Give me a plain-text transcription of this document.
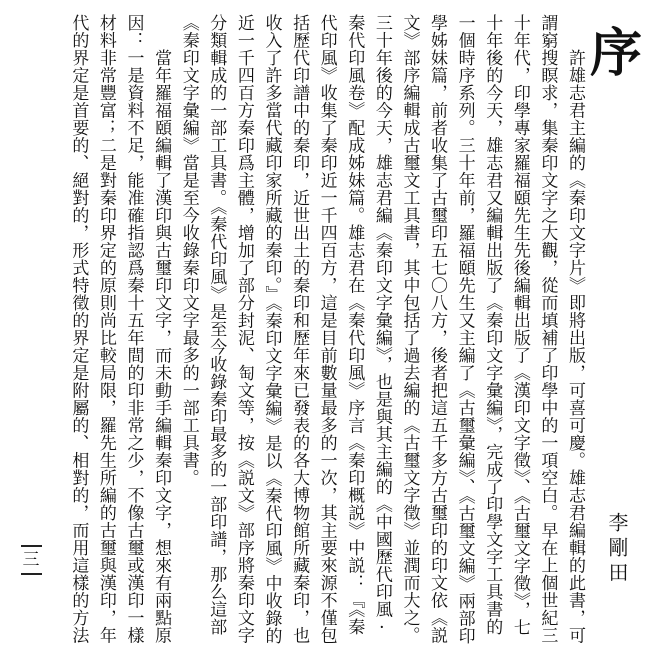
序
李剛田

許雄志君主編的《秦印文字片》即將出版，可喜可慶。雄志君編輯的此書，可謂窮搜瞑求，集秦印文字之大觀，從而填補了印學中的一項空白。早在上個世紀三十年代，印學專家羅福頤先生先後編輯出版了《漢印文字徵》、《古璽文字徵》，七十年後的今天，雄志君又編輯出版了《秦印文字彙編》，完成了印學文字工具書的一個時序系列。三十年前，羅福頤先生又主編了《古璽彙編》、《古璽文編》兩部印學姊妹篇，前者收集了古璽印五七〇八方，後者把這五千多方古璽印的印文依《説文》部序編輯成古璽文工具書，其中包括了過去編的《古璽文字徵》並潤而大之。三十年後的今天，雄志君編《秦印文字彙編》，也是與其主編的《中國歷代印風·秦代印風卷》配成姊妹篇。雄志君在《秦代印風》序言《秦印概説》中説：『《秦代印風》收集了秦印近一千四百方，這是目前數量最多的一次，其主要來源不僅包括歷代印譜中的秦印，近世出土的秦印和歷年來已發表的各大博物館所藏秦印，也收入了許多當代藏印家所藏的秦印。』《秦印文字彙編》是以《秦代印風》中收錄的近一千四百方秦印爲主體，增加了部分封泥、匋文等，按《説文》部序將秦印文字分類輯成的一部工具書。《秦代印風》是至今收錄秦印最多的一部印譜，那么這部《秦印文字彙編》當是至今收錄秦印文字最多的一部工具書。

當年羅福頤編輯了漢印與古璽印文字，而未動手編輯秦印文字，想來有兩點原因：一是資料不足，能准確指認爲秦十五年間的印非常之少，不像古璽或漢印一樣材料非常豐富；二是對秦印界定的原則尚比較局限，羅先生所編的古璽與漢印，年代的界定是首要的、絕對的，形式特徵的界定是附屬的、相對的，而用這樣的方法

三
